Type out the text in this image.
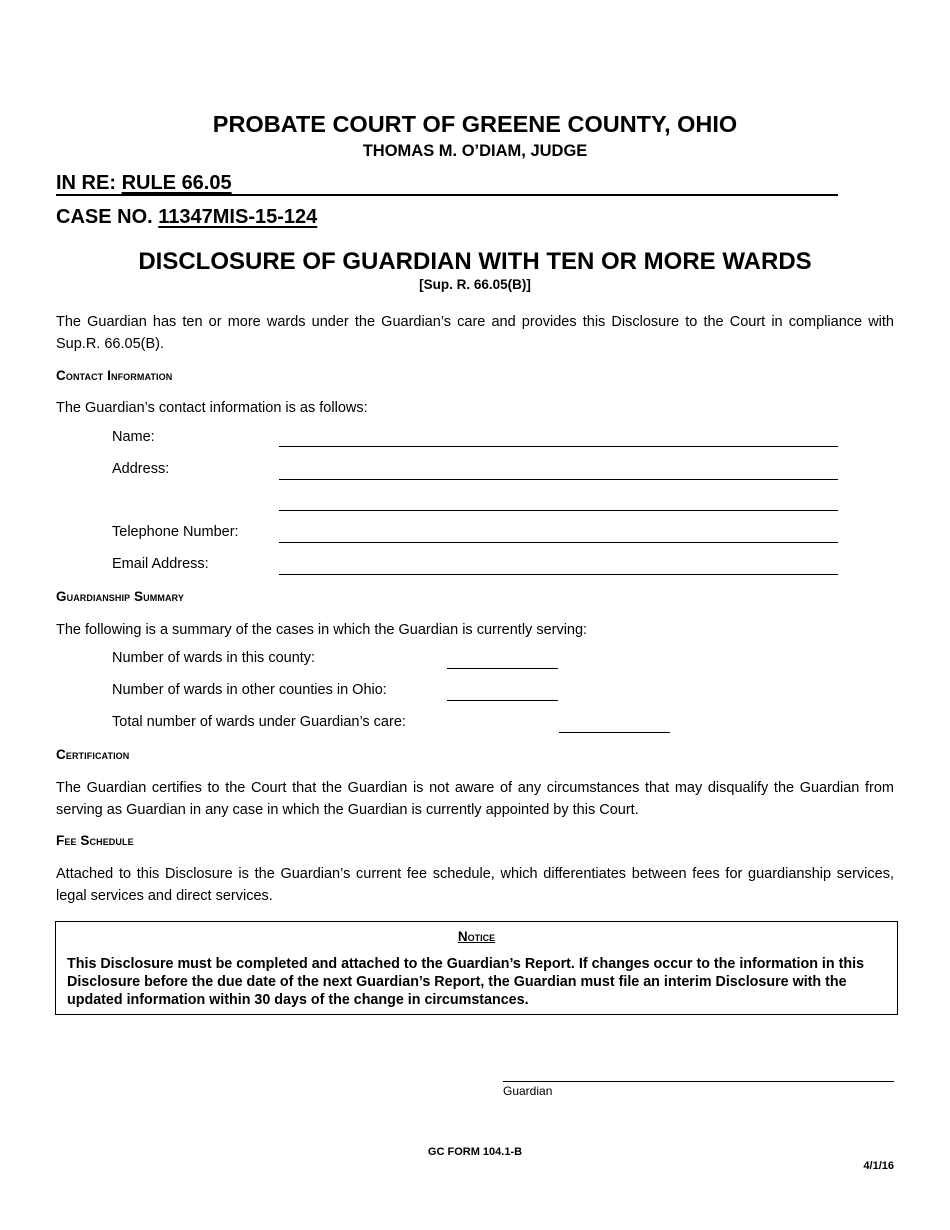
PROBATE COURT OF GREENE COUNTY, OHIO
THOMAS M. O’DIAM, JUDGE
IN RE: RULE 66.05
CASE NO. 11347MIS-15-124
DISCLOSURE OF GUARDIAN WITH TEN OR MORE WARDS
[Sup. R. 66.05(B)]
The Guardian has ten or more wards under the Guardian’s care and provides this Disclosure to the Court in compliance with Sup.R. 66.05(B).
Contact Information
The Guardian’s contact information is as follows:
Name:
Address:
Telephone Number:
Email Address:
Guardianship Summary
The following is a summary of the cases in which the Guardian is currently serving:
Number of wards in this county:
Number of wards in other counties in Ohio:
Total number of wards under Guardian’s care:
Certification
The Guardian certifies to the Court that the Guardian is not aware of any circumstances that may disqualify the Guardian from serving as Guardian in any case in which the Guardian is currently appointed by this Court.
Fee Schedule
Attached to this Disclosure is the Guardian’s current fee schedule, which differentiates between fees for guardianship services, legal services and direct services.
Notice
This Disclosure must be completed and attached to the Guardian’s Report. If changes occur to the information in this Disclosure before the due date of the next Guardian’s Report, the Guardian must file an interim Disclosure with the updated information within 30 days of the change in circumstances.
Guardian
GC FORM 104.1-B
4/1/16
